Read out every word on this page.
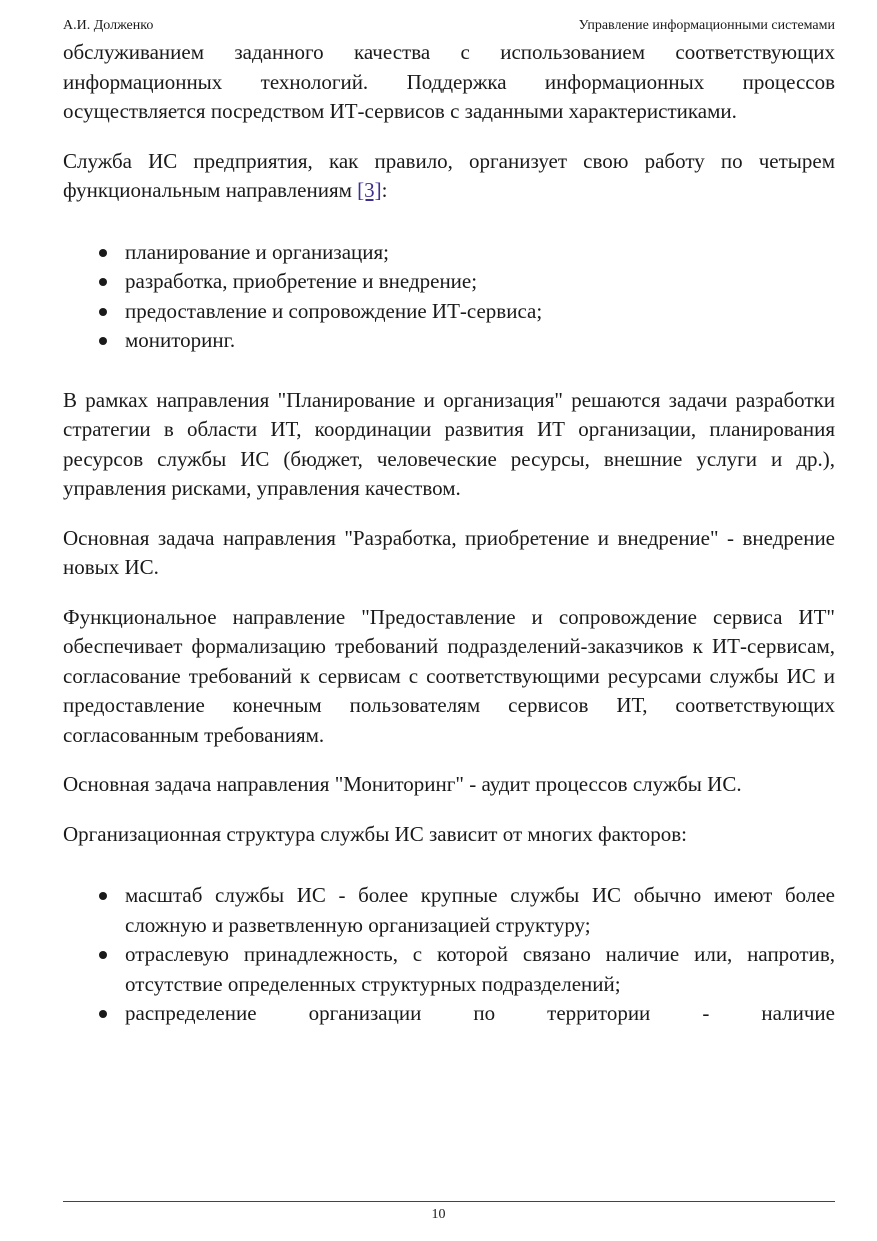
А.И. Долженко	Управление информационными системами

обслуживанием заданного качества с использованием соответствующих информационных технологий. Поддержка информационных процессов осуществляется посредством ИТ-сервисов с заданными характеристиками.

Служба ИС предприятия, как правило, организует свою работу по четырем функциональным направлениям [3]:

планирование и организация;
разработка, приобретение и внедрение;
предоставление и сопровождение ИТ-сервиса;
мониторинг.

В рамках направления "Планирование и организация" решаются задачи разработки стратегии в области ИТ, координации развития ИТ организации, планирования ресурсов службы ИС (бюджет, человеческие ресурсы, внешние услуги и др.), управления рисками, управления качеством.

Основная задача направления "Разработка, приобретение и внедрение" - внедрение новых ИС.

Функциональное направление "Предоставление и сопровождение сервиса ИТ" обеспечивает формализацию требований подразделений-заказчиков к ИТ-сервисам, согласование требований к сервисам с соответствующими ресурсами службы ИС и предоставление конечным пользователям сервисов ИТ, соответствующих согласованным требованиям.

Основная задача направления "Мониторинг" - аудит процессов службы ИС.

Организационная структура службы ИС зависит от многих факторов:

масштаб службы ИС - более крупные службы ИС обычно имеют более сложную и разветвленную организацией структуру;
отраслевую принадлежность, с которой связано наличие или, напротив, отсутствие определенных структурных подразделений;
распределение организации по территории - наличие
10
